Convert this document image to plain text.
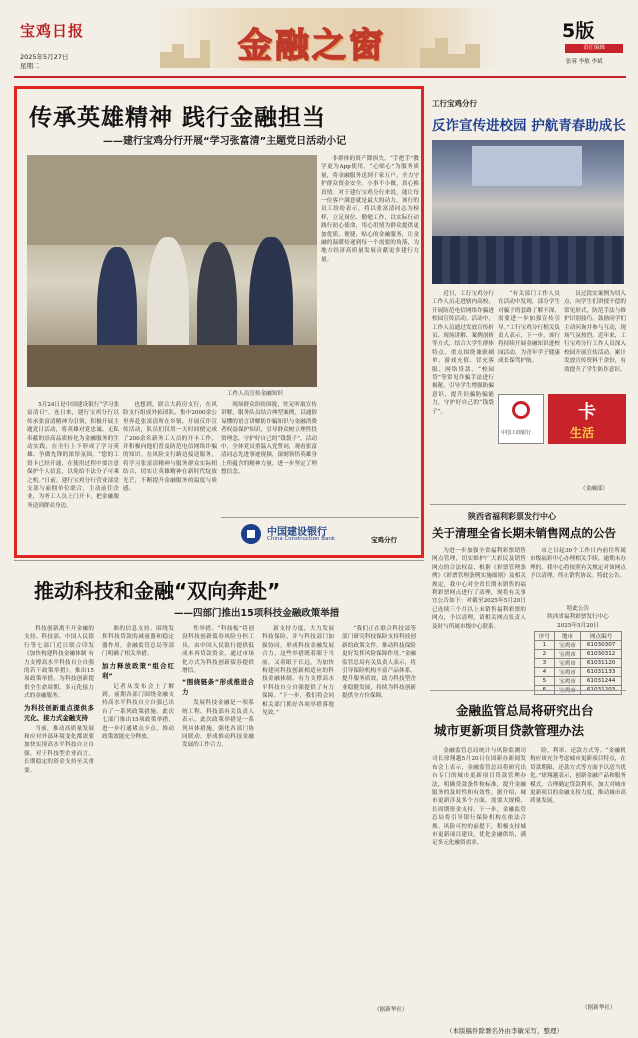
宝鸡日报
2025年5月27日
星期二	金融之窗	5版
责任编辑
张蓉 李敏 李斌
传承英雄精神 践行金融担当
——建行宝鸡分行开展“学习张富清”主题党日活动小记
工作人员宣传金融知识

非群体的资产降损失，“手把手”教学更为App使用，“心贴心”为服务质量，将金融服务送到千家万户，全力守护群众资金安全。小事不小做，真心换真情。对于建行宝鸡分行来说，能让每一位客户满意就是最大的动力。该行的员工纷纷表示，将以张富清同志为榜样，立足岗位、勤勉工作，以实际行动践行初心使命，用心用情为群众提供更加优质、便捷、贴心的金融服务，让金融的温暖传递到每一个需要的角落，为地方经济高质量发展贡献更多建行力量。

5月24日是中国建设银行“学习张富清日”。连日来，建行宝鸡分行以传承张富清精神为引领，积极开展主题党日活动，将英雄对党忠诚、无私奉献的崇高品质转化为金融服务的生动实践，在全行上下形成了学习英雄、争做先锋的浓厚氛围。“您的工资卡已经开通，在使用过程中要注意保护个人信息，以免给不法分子可乘之机。”日前，建行宝鸡分行营业部党支部与雇佣单位联合，主动前往企业，为务工人员上门开卡，把金融服务送到群众身边。

也想到，联合大药房支行，在风险支行组成外拓团队，集中2000余公里奔赴张富清所在乡镇，开展反诈宣传活动，队员们仅用一天时间便完成了200余名新务工人员的开卡工作，并积极向他们普及防范电信网络诈骗的知识。在风险支行路边接送服务，将学习张富清精神与服务群众实际相结合，切实让英雄精神在新时代绽放光芒，不断提升金融服务的温度与质感。

现场群众纷纷围拢，驻足听取宣传讲解，服务队员结合典型案例，以通俗易懂的语言讲解防诈骗知识与金融消费者权益保护知识，引导群众树立理性投资理念，守护好自己的“钱袋子”。活动中，全体党员重温入党誓词，观看张富清同志先进事迹视频，深刻领悟英雄身上所蕴含的精神力量，进一步坚定了理想信念。

中国建设银行
China Construction Bank	宝鸡分行
工行宝鸡分行
反诈宣传进校园 护航青春助成长

近日，工行宝鸡分行工作人员走进辖内高校，开展防范电信网络诈骗进校园宣传活动。活动中，工作人员通过发放宣传折页、现场讲解、案例剖析等方式，结合大学生群体特点，重点围绕兼职刷单、游戏充值、冒充客服、网络贷款、“校园贷”等常见诈骗手法进行揭秘，引导学生增强防骗意识，提升识骗防骗能力，守护好自己的“钱袋子”。

“有关部门工作人员在活动中发现，部分学生对骗子的套路了解不深，需要进一步加强宣传引导。”工行宝鸡分行相关负责人表示，下一步，该行将持续开展金融知识进校园活动，为青年学子健康成长保驾护航。

员过段实案例为切入点，向学生们讲授不偿的常见形式，防范手法与维护识别技巧，鼓励同学们主动问询并参与互动，现场气氛热烈。近年来，工行宝鸡分行工作人员深入校园开展宣传活动，累计发放宣传资料千余份，有效提升了学生防诈意识。

中国工商银行
卡
生活
（金融部）
陕西省福利彩票发行中心
关于清理全省长期未销售网点的公告

为进一步加强全省福利彩票销售网点管理，切实维护广大彩民及销售网点的合法权益，根据《彩票管理条例》《彩票管理条例实施细则》及相关规定，我中心对全省长期未销售的福利彩票网点进行了清理，现将有关事宜公告如下：对截至2025年5月20日已连续三个月以上未销售福利彩票的网点，予以清理，请相关网点负责人及时与所属市级中心联系。

市之日起30个工作日内前往所属市级福彩中心办理相关手续。逾期未办理的，我中心将按照有关规定对该网点予以清理，终止销售协议。特此公告。

特此公告
陕西省福利彩票发行中心
2025年5月20日
序号	地市	网点编号
1	宝鸡市	61030307
2	宝鸡市	61030312
3	宝鸡市	61031120
4	宝鸡市	61031133
5	宝鸡市	61031244
6	宝鸡市	61031203
金融监管总局将研究出台
城市更新项目贷款管理办法

金融监管总局统计与风险监测司司长徐翔越5月20日在国新办新闻发布会上表示，金融监管总局将研究出台专门的城市更新项目贷款管理办法，明确贷款条件和标准，提升金融服务的及时性和有效性。据介绍，城市更新涉及多个方面，需要大规模、长周期资金支持。下一步，金融监管总局将引导银行保险机构在依法合规、风险可控的前提下，积极支持城市更新项目建设，优化金融供给，满足多元化融资需求。

险，利率、还款方式等。“金融机构应该充分考虑城市更新项目特点，在贷款期限、还款方式等方面予以适当优化。”徐翔越表示，创新金融产品和服务模式，合理确定贷款利率，加大对城市更新项目的金融支持力度，推动城市高质量发展。

（据新华社）
推动科技和金融“双向奔赴”
——四部门推出15项科技金融政策举措

科技创新离不开金融的支持。科技部、中国人民银行等七部门近日联合印发《加快构建科技金融体制 有力支撑高水平科技自立自强的若干政策举措》，推出15项政策举措，为科技创新提供全生命周期、多元化接力式的金融服务。

为科技创新重点提供多元化、接力式金融支持

当前，推动高质量发展和应对外部环境变化都需要加快实现高水平科技自立自强。对于科技型企业而言，长期稳定的资金支持至关重要。

准的信息支持。围绕发挥科技贷款的减量器和稳定器作用，金融监管总局等部门明确了相关举措。

加力释放政策“组合红利”

记者从发布会上了解到，前期各部门围绕金融支持高水平科技自立自强已出台了一系列政策措施。此次七部门推出15项政策举措，进一步打通堵点卡点，推动政策效能充分释放。

性举措。“科技板”将创设科技创新债券风险分担工具，由中国人民银行提供低成本再贷款资金，通过市场化方式为科技创新债券提供增信。

“围绕链条”形成推进合力

发展科技金融是一项系统工程。科技部有关负责人表示，此次政策举措是一系列具体措施，强化各部门协同联动，形成推动科技金融发展的工作合力。

新支持力度，大力发展科技保险，并与科技部门加强协同，形成科技金融发展合力。这些举措既着眼于当前，又着眼于长远，为加快构建同科技创新相适应的科技金融体制、有力支撑高水平科技自立自强提供了有力保障。“下一步，我们将会同相关部门抓好各项举措落地见效。”

“我们正在联合科技部等部门研究科技保险支持科技创新的政策文件，推动科技保险更好发挥风险保障作用。”金融监管总局有关负责人表示，将引导保险机构丰富产品体系，提升服务质效，助力科技型企业稳健发展，持续为科技创新提供全方位保障。

（据新华社）
（本版稿件除署名外由李敏采写、整理）
